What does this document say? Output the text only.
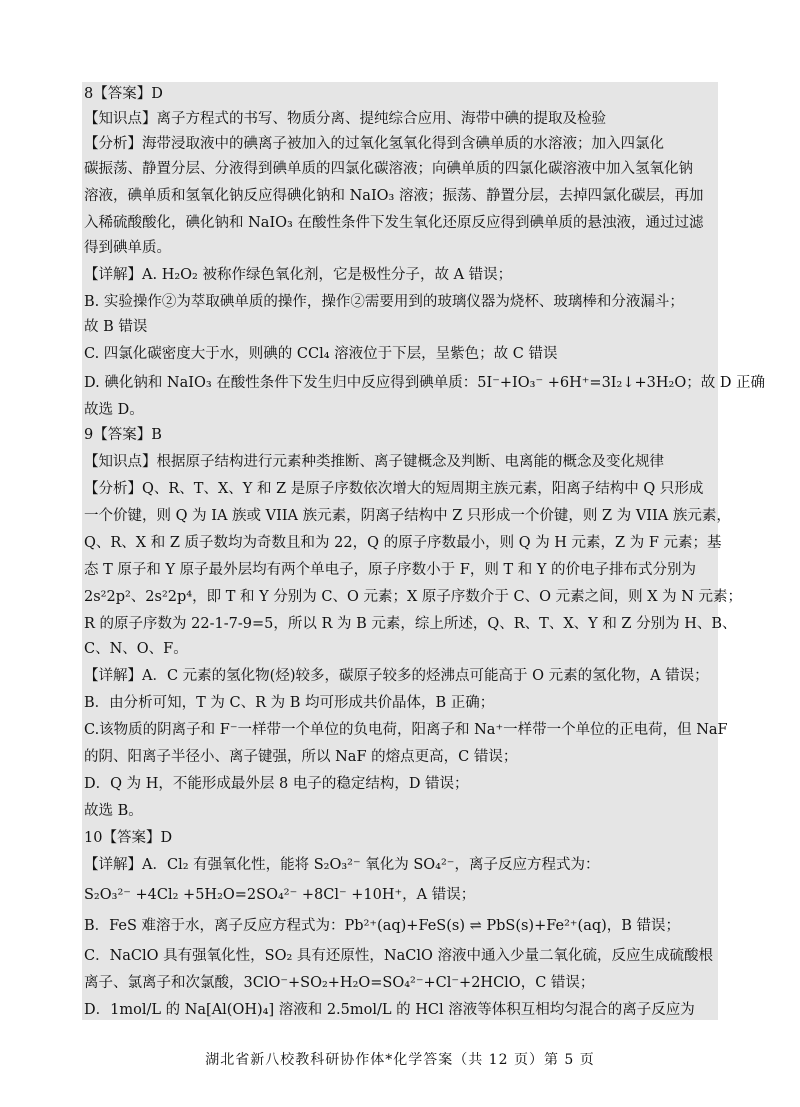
8【答案】D
【知识点】离子方程式的书写、物质分离、提纯综合应用、海带中碘的提取及检验
【分析】海带浸取液中的碘离子被加入的过氧化氢氧化得到含碘单质的水溶液；加入四氯化
碳振荡、静置分层、分液得到碘单质的四氯化碳溶液；向碘单质的四氯化碳溶液中加入氢氧化钠
溶液，碘单质和氢氧化钠反应得碘化钠和 NaIO₃ 溶液；振荡、静置分层，去掉四氯化碳层，再加
入稀硫酸酸化，碘化钠和 NaIO₃ 在酸性条件下发生氧化还原反应得到碘单质的悬浊液，通过过滤
得到碘单质。
【详解】A. H₂O₂ 被称作绿色氧化剂，它是极性分子，故 A 错误；
B. 实验操作②为萃取碘单质的操作，操作②需要用到的玻璃仪器为烧杯、玻璃棒和分液漏斗；
故 B 错误
C. 四氯化碳密度大于水，则碘的 CCl₄ 溶液位于下层，呈紫色；故 C 错误
D. 碘化钠和 NaIO₃ 在酸性条件下发生归中反应得到碘单质：5I⁻+IO₃⁻ +6H⁺=3I₂↓+3H₂O；故 D 正确
故选 D。
9【答案】B
【知识点】根据原子结构进行元素种类推断、离子键概念及判断、电离能的概念及变化规律
【分析】Q、R、T、X、Y 和 Z 是原子序数依次增大的短周期主族元素，阳离子结构中 Q 只形成
一个价键，则 Q 为 IA 族或 VIIA 族元素，阴离子结构中 Z 只形成一个价键，则 Z 为 VIIA 族元素，
Q、R、X 和 Z 质子数均为奇数且和为 22，Q 的原子序数最小，则 Q 为 H 元素，Z 为 F 元素；基
态 T 原子和 Y 原子最外层均有两个单电子，原子序数小于 F，则 T 和 Y 的价电子排布式分别为
2s²2p²、2s²2p⁴，即 T 和 Y 分别为 C、O 元素；X 原子序数介于 C、O 元素之间，则 X 为 N 元素；
R 的原子序数为 22-1-7-9=5，所以 R 为 B 元素，综上所述，Q、R、T、X、Y 和 Z 分别为 H、B、
C、N、O、F。
【详解】A．C 元素的氢化物(烃)较多，碳原子较多的烃沸点可能高于 O 元素的氢化物，A 错误；
B．由分析可知，T 为 C、R 为 B 均可形成共价晶体，B 正确；
C.该物质的阴离子和 F⁻一样带一个单位的负电荷，阳离子和 Na⁺一样带一个单位的正电荷，但 NaF
的阴、阳离子半径小、离子键强，所以 NaF 的熔点更高，C 错误；
D．Q 为 H，不能形成最外层 8 电子的稳定结构，D 错误；
故选 B。
10【答案】D
【详解】A．Cl₂ 有强氧化性，能将 S₂O₃²⁻ 氧化为 SO₄²⁻，离子反应方程式为：
S₂O₃²⁻ +4Cl₂ +5H₂O=2SO₄²⁻ +8Cl⁻ +10H⁺，A 错误；
B．FeS 难溶于水，离子反应方程式为：Pb²⁺(aq)+FeS(s) ⇌ PbS(s)+Fe²⁺(aq)，B 错误；
C．NaClO 具有强氧化性，SO₂ 具有还原性，NaClO 溶液中通入少量二氧化硫，反应生成硫酸根
离子、氯离子和次氯酸，3ClO⁻+SO₂+H₂O=SO₄²⁻+Cl⁻+2HClO，C 错误；
D．1mol/L 的 Na[Al(OH)₄] 溶液和 2.5mol/L 的 HCl 溶液等体积互相均匀混合的离子反应为
湖北省新八校教科研协作体*化学答案（共 12 页）第 5 页
